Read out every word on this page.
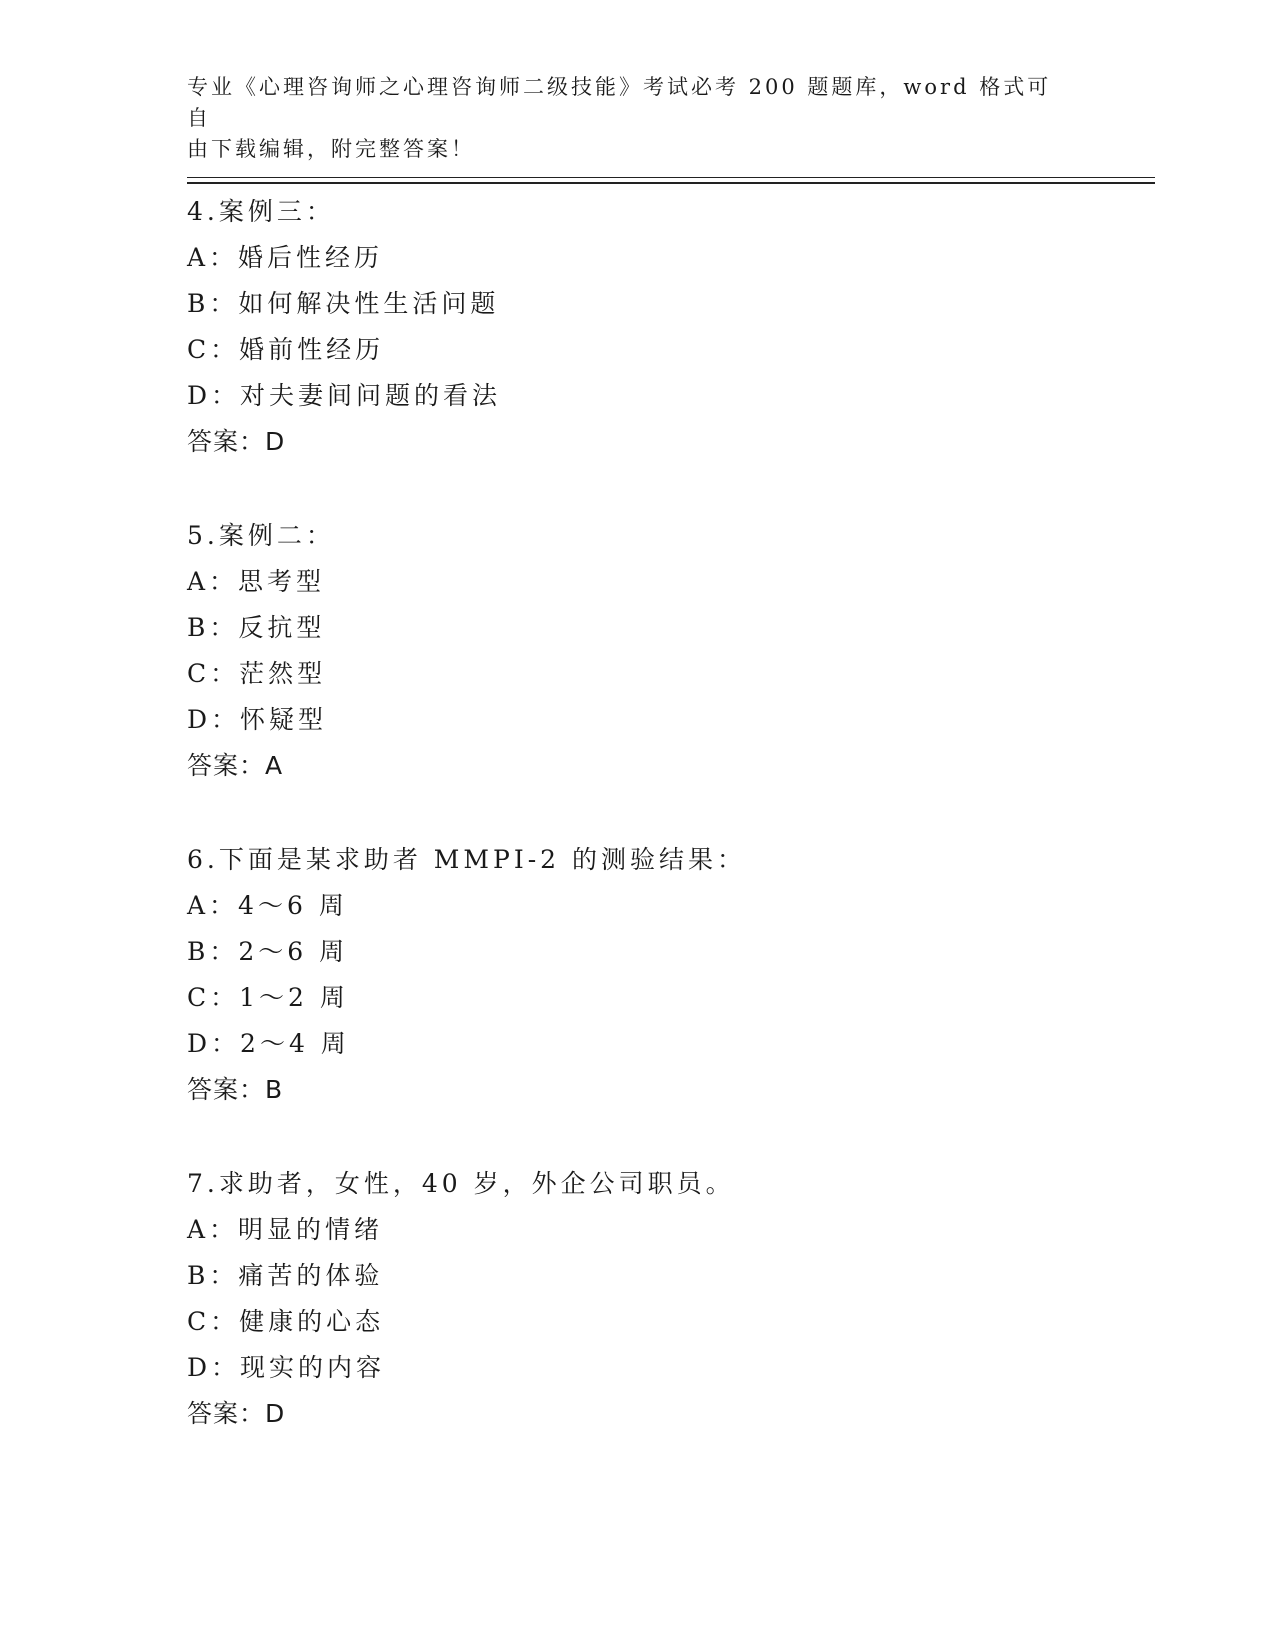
专业《心理咨询师之心理咨询师二级技能》考试必考 200 题题库，word 格式可自
由下载编辑，附完整答案！
4.案例三：
A：婚后性经历
B：如何解决性生活问题
C：婚前性经历
D：对夫妻间问题的看法
答案：D
5.案例二：
A：思考型
B：反抗型
C：茫然型
D：怀疑型
答案：A
6.下面是某求助者 MMPI-2 的测验结果：
A：4～6 周
B：2～6 周
C：1～2 周
D：2～4 周
答案：B
7.求助者，女性，40 岁，外企公司职员。
A：明显的情绪
B：痛苦的体验
C：健康的心态
D：现实的内容
答案：D
